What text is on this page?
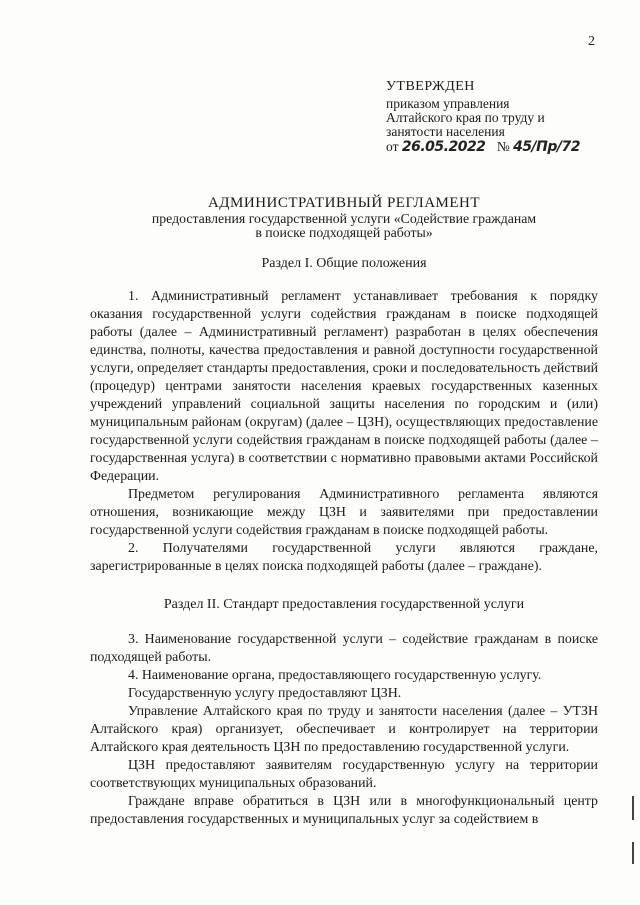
2
УТВЕРЖДЕН
приказом управления
Алтайского края по труду и
занятости населения
от 26.05.2022 № 45/Пр/72
АДМИНИСТРАТИВНЫЙ РЕГЛАМЕНТ
предоставления государственной услуги «Содействие гражданам
в поиске подходящей работы»
Раздел I. Общие положения

1. Административный регламент устанавливает требования к порядку оказания государственной услуги содействия гражданам в поиске подходящей работы (далее – Административный регламент) разработан в целях обеспечения единства, полноты, качества предоставления и равной доступности государственной услуги, определяет стандарты предоставления, сроки и последовательность действий (процедур) центрами занятости населения краевых государственных казенных учреждений управлений социальной защиты населения по городским и (или) муниципальным районам (округам) (далее – ЦЗН), осуществляющих предоставление государственной услуги содействия гражданам в поиске подходящей работы (далее – государственная услуга) в соответствии с нормативно правовыми актами Российской Федерации.

Предметом регулирования Административного регламента являются отношения, возникающие между ЦЗН и заявителями при предоставлении государственной услуги содействия гражданам в поиске подходящей работы.

2. Получателями государственной услуги являются граждане, зарегистрированные в целях поиска подходящей работы (далее – граждане).

Раздел II. Стандарт предоставления государственной услуги

3. Наименование государственной услуги – содействие гражданам в поиске подходящей работы.

4. Наименование органа, предоставляющего государственную услугу.

Государственную услугу предоставляют ЦЗН.

Управление Алтайского края по труду и занятости населения (далее – УТЗН Алтайского края) организует, обеспечивает и контролирует на территории Алтайского края деятельность ЦЗН по предоставлению государственной услуги.

ЦЗН предоставляют заявителям государственную услугу на территории соответствующих муниципальных образований.

Граждане вправе обратиться в ЦЗН или в многофункциональный центр предоставления государственных и муниципальных услуг за содействием в
